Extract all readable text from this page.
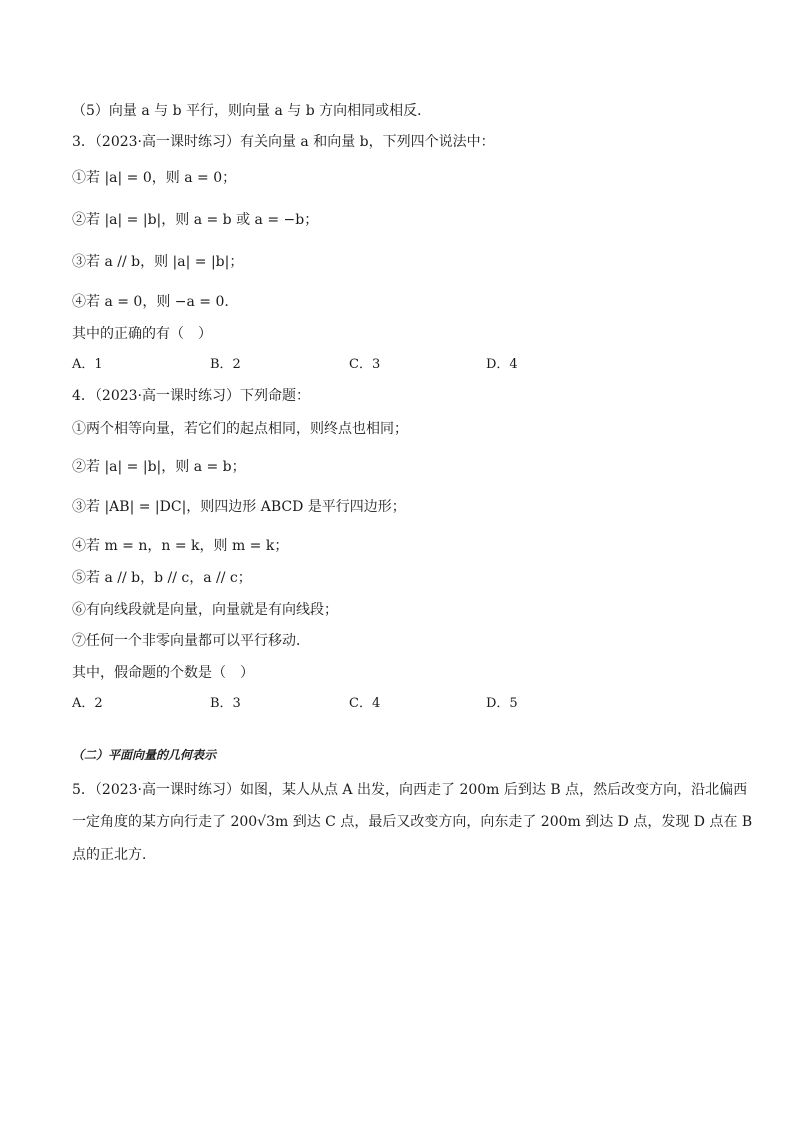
（5）向量 a 与 b 平行，则向量 a 与 b 方向相同或相反．
3．（2023·高一课时练习）有关向量 a 和向量 b，下列四个说法中：
①若 |a| = 0，则 a = 0；
②若 |a| = |b|，则 a = b 或 a = −b；
③若 a // b，则 |a| = |b|；
④若 a = 0，则 −a = 0.
其中的正确的有（　）
A．1	B．2	C．3	D．4
4．（2023·高一课时练习）下列命题：
①两个相等向量，若它们的起点相同，则终点也相同；
②若 |a| = |b|，则 a = b；
③若 |AB| = |DC|，则四边形 ABCD 是平行四边形；
④若 m = n，n = k，则 m = k；
⑤若 a // b，b // c，a // c；
⑥有向线段就是向量，向量就是有向线段；
⑦任何一个非零向量都可以平行移动．
其中，假命题的个数是（　）
A．2	B．3	C．4	D．5
（二）平面向量的几何表示
5．（2023·高一课时练习）如图，某人从点 A 出发，向西走了 200m 后到达 B 点，然后改变方向，沿北偏西
一定角度的某方向行走了 200√3m 到达 C 点，最后又改变方向，向东走了 200m 到达 D 点，发现 D 点在 B
点的正北方．
